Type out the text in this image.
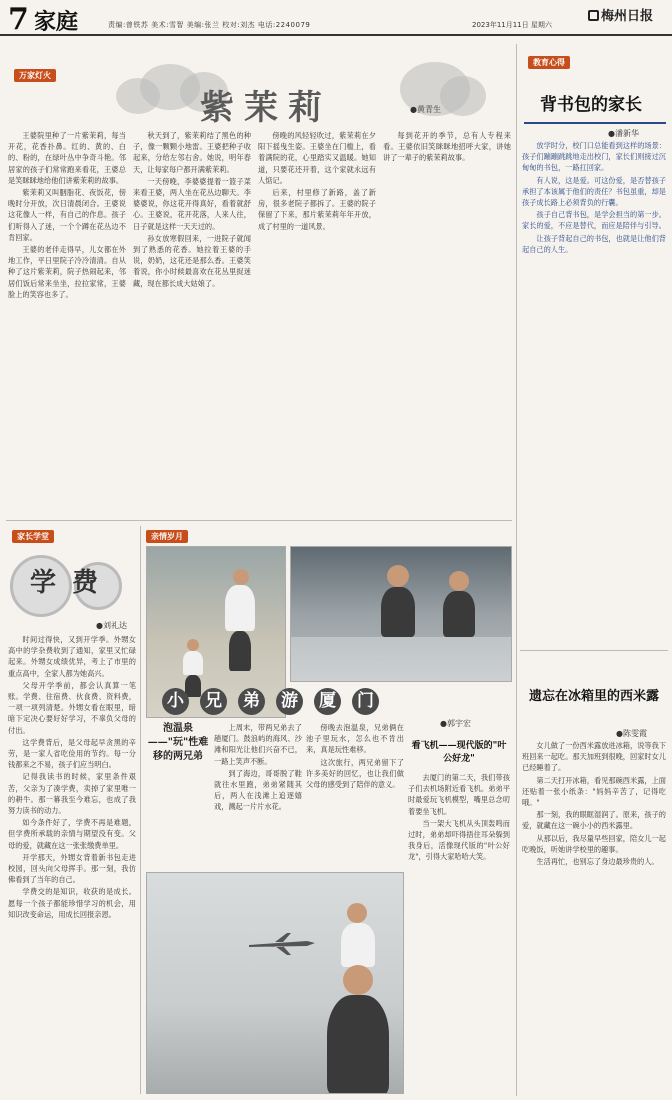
7 家庭	责编:曾铁苏 美术:雪智 美编:张兰 校对:刘杰 电话:2240079	2023年11月11日 星期六
梅州日报
万家灯火
紫茉莉	●黄青生

王婆院里种了一片紫茉莉，每当开花，花香扑鼻。红的、黄的、白的、粉的，在绿叶丛中争奇斗艳。邻居家的孩子们常常跑来看花，王婆总是笑眯眯地给他们讲紫茉莉的故事。

紫茉莉又叫胭脂花、夜饭花，傍晚时分开放，次日清晨闭合。王婆说这花像人一样，有自己的作息。孩子们听得入了迷，一个个蹲在花丛边不肯回家。

王婆的老伴走得早，儿女都在外地工作，平日里院子冷冷清清。自从种了这片紫茉莉，院子热闹起来，邻居们饭后常来坐坐，拉拉家常，王婆脸上的笑容也多了。

秋天到了，紫茉莉结了黑色的种子，像一颗颗小地雷。王婆把种子收起来，分给左邻右舍。她说，明年春天，让每家每户都开满紫茉莉。

一天傍晚，李婆婆提着一篮子菜来看王婆，两人坐在花丛边聊天。李婆婆说，你这花开得真好，看着就舒心。王婆说，花开花落，人来人往，日子就是这样一天天过的。

孙女放寒假回来，一进院子就闻到了熟悉的花香。她拉着王婆的手说，奶奶，这花还是那么香。王婆笑着说，你小时候最喜欢在花丛里捉迷藏，现在都长成大姑娘了。

傍晚的风轻轻吹过，紫茉莉在夕阳下摇曳生姿。王婆坐在门槛上，看着满院的花，心里踏实又温暖。她知道，只要花还开着，这个家就永远有人惦记。

后来，村里修了新路，盖了新房，很多老院子都拆了。王婆的院子保留了下来，那片紫茉莉年年开放，成了村里的一道风景。

每到花开的季节，总有人专程来看。王婆依旧笑眯眯地招呼大家，讲她讲了一辈子的紫茉莉故事。

家长学堂
学费
●刘礼达

时间过得快，又到开学季。外甥女高中的学杂费收到了通知，家里又忙碌起来。外甥女成绩优异，考上了市里的重点高中，全家人都为她高兴。

父母开学季前，都会认真算一笔账。学费、住宿费、伙食费、资料费，一项一项列清楚。外甥女看在眼里，暗暗下定决心要好好学习，不辜负父母的付出。

这学费背后，是父母起早贪黑的辛劳，是一家人省吃俭用的节约。每一分钱都来之不易，孩子们应当明白。

记得我读书的时候，家里条件艰苦，父亲为了凑学费，卖掉了家里唯一的耕牛。那一幕我至今难忘，也成了我努力读书的动力。

如今条件好了，学费不再是难题，但学费所承载的亲情与期望没有变。父母的爱，就藏在这一张张缴费单里。

开学那天，外甥女背着新书包走进校园，回头向父母挥手。那一刻，我仿佛看到了当年的自己。

学费交的是知识，收获的是成长。愿每一个孩子都能珍惜学习的机会，用知识改变命运，用成长回报亲恩。

亲情岁月
小 兄 弟 游 厦 门
●郭宇宏
泡温泉——"玩"性难移的两兄弟

上周末，带两兄弟去了趟厦门。鼓浪屿的海风、沙滩和阳光让他们兴奋不已，一路上笑声不断。

到了海边，哥哥脱了鞋就往水里跑，弟弟紧随其后，两人在浅滩上追逐嬉戏，溅起一片片水花。

傍晚去泡温泉，兄弟俩在池子里玩水，怎么也不肯出来，真是玩性难移。

这次旅行，两兄弟留下了许多美好的回忆，也让我们做父母的感受到了陪伴的意义。

看飞机——现代版的"叶公好龙"

去厦门的第二天，我们带孩子们去机场附近看飞机。弟弟平时最爱玩飞机模型，嘴里总念叨着要坐飞机。

当一架大飞机从头顶轰鸣而过时，弟弟却吓得捂住耳朵躲到我身后，活像现代版的"叶公好龙"，引得大家哈哈大笑。

教育心得
背书包的家长
●潘新华

放学时分，校门口总能看到这样的场景：孩子们蹦蹦跳跳地走出校门，家长们则接过沉甸甸的书包，一路扛回家。

有人说，这是爱。可这份爱，是否替孩子承担了本该属于他们的责任？书包虽重，却是孩子成长路上必须背负的行囊。

孩子自己背书包，是学会担当的第一步。家长的爱，不应是替代，而应是陪伴与引导。

让孩子背起自己的书包，也就是让他们背起自己的人生。

遗忘在冰箱里的西米露
●陈雯霞

女儿做了一份西米露放进冰箱，说等我下班回来一起吃。那天加班到很晚，回家时女儿已经睡着了。

第二天打开冰箱，看见那碗西米露，上面还贴着一张小纸条："妈妈辛苦了，记得吃哦。"

那一刻，我的眼眶湿润了。原来，孩子的爱，就藏在这一碗小小的西米露里。

从那以后，我尽量早些回家，陪女儿一起吃晚饭，听她讲学校里的趣事。

生活再忙，也别忘了身边最珍贵的人。
